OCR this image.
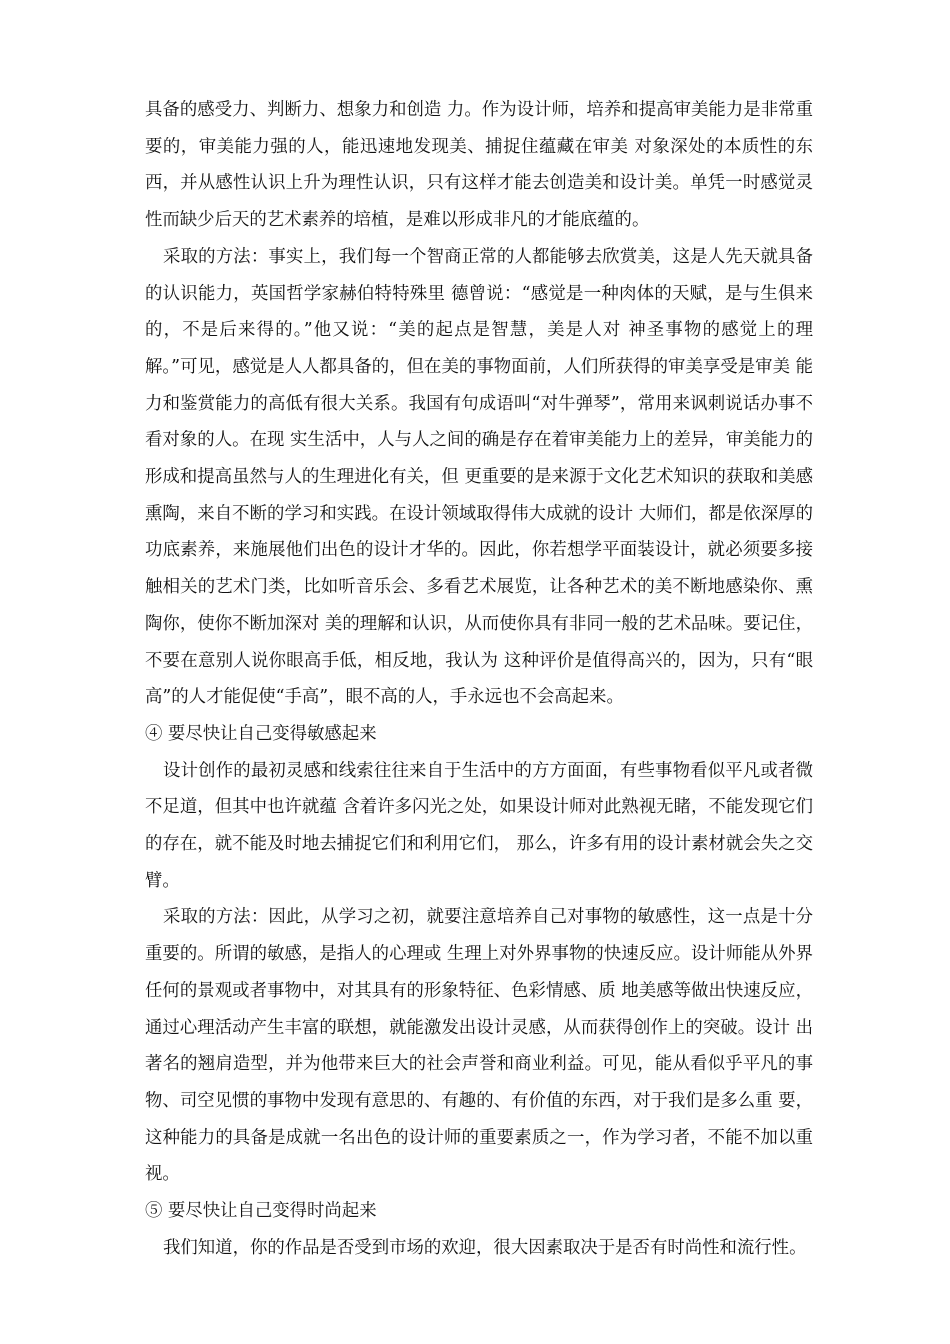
具备的感受力、判断力、想象力和创造 力。作为设计师，培养和提高审美能力是非常重要的，审美能力强的人，能迅速地发现美、捕捉住蕴藏在审美 对象深处的本质性的东西，并从感性认识上升为理性认识，只有这样才能去创造美和设计美。单凭一时感觉灵 性而缺少后天的艺术素养的培植，是难以形成非凡的才能底蕴的。

采取的方法：事实上，我们每一个智商正常的人都能够去欣赏美，这是人先天就具备的认识能力，英国哲学家赫伯特特殊里 德曾说：“感觉是一种肉体的天赋，是与生俱来的，不是后来得的。”他又说：“美的起点是智慧，美是人对 神圣事物的感觉上的理解。”可见，感觉是人人都具备的，但在美的事物面前，人们所获得的审美享受是审美 能力和鉴赏能力的高低有很大关系。我国有句成语叫“对牛弹琴”，常用来讽刺说话办事不看对象的人。在现 实生活中，人与人之间的确是存在着审美能力上的差异，审美能力的形成和提高虽然与人的生理进化有关，但 更重要的是来源于文化艺术知识的获取和美感熏陶，来自不断的学习和实践。在设计领域取得伟大成就的设计 大师们，都是依深厚的功底素养，来施展他们出色的设计才华的。因此，你若想学平面装设计，就必须要多接 触相关的艺术门类，比如听音乐会、多看艺术展览，让各种艺术的美不断地感染你、熏陶你，使你不断加深对 美的理解和认识，从而使你具有非同一般的艺术品味。要记住，不要在意别人说你眼高手低，相反地，我认为 这种评价是值得高兴的，因为，只有“眼高”的人才能促使“手高”，眼不高的人，手永远也不会高起来。

④ 要尽快让自己变得敏感起来

设计创作的最初灵感和线索往往来自于生活中的方方面面，有些事物看似平凡或者微不足道，但其中也许就蕴 含着许多闪光之处，如果设计师对此熟视无睹，不能发现它们的存在，就不能及时地去捕捉它们和利用它们， 那么，许多有用的设计素材就会失之交臂。

采取的方法：因此，从学习之初，就要注意培养自己对事物的敏感性，这一点是十分重要的。所谓的敏感，是指人的心理或 生理上对外界事物的快速反应。设计师能从外界任何的景观或者事物中，对其具有的形象特征、色彩情感、质 地美感等做出快速反应，通过心理活动产生丰富的联想，就能激发出设计灵感，从而获得创作上的突破。设计 出著名的翘肩造型，并为他带来巨大的社会声誉和商业利益。可见，能从看似乎平凡的事物、司空见惯的事物中发现有意思的、有趣的、有价值的东西，对于我们是多么重 要，这种能力的具备是成就一名出色的设计师的重要素质之一，作为学习者，不能不加以重视。

⑤ 要尽快让自己变得时尚起来

我们知道，你的作品是否受到市场的欢迎，很大因素取决于是否有时尚性和流行性。
